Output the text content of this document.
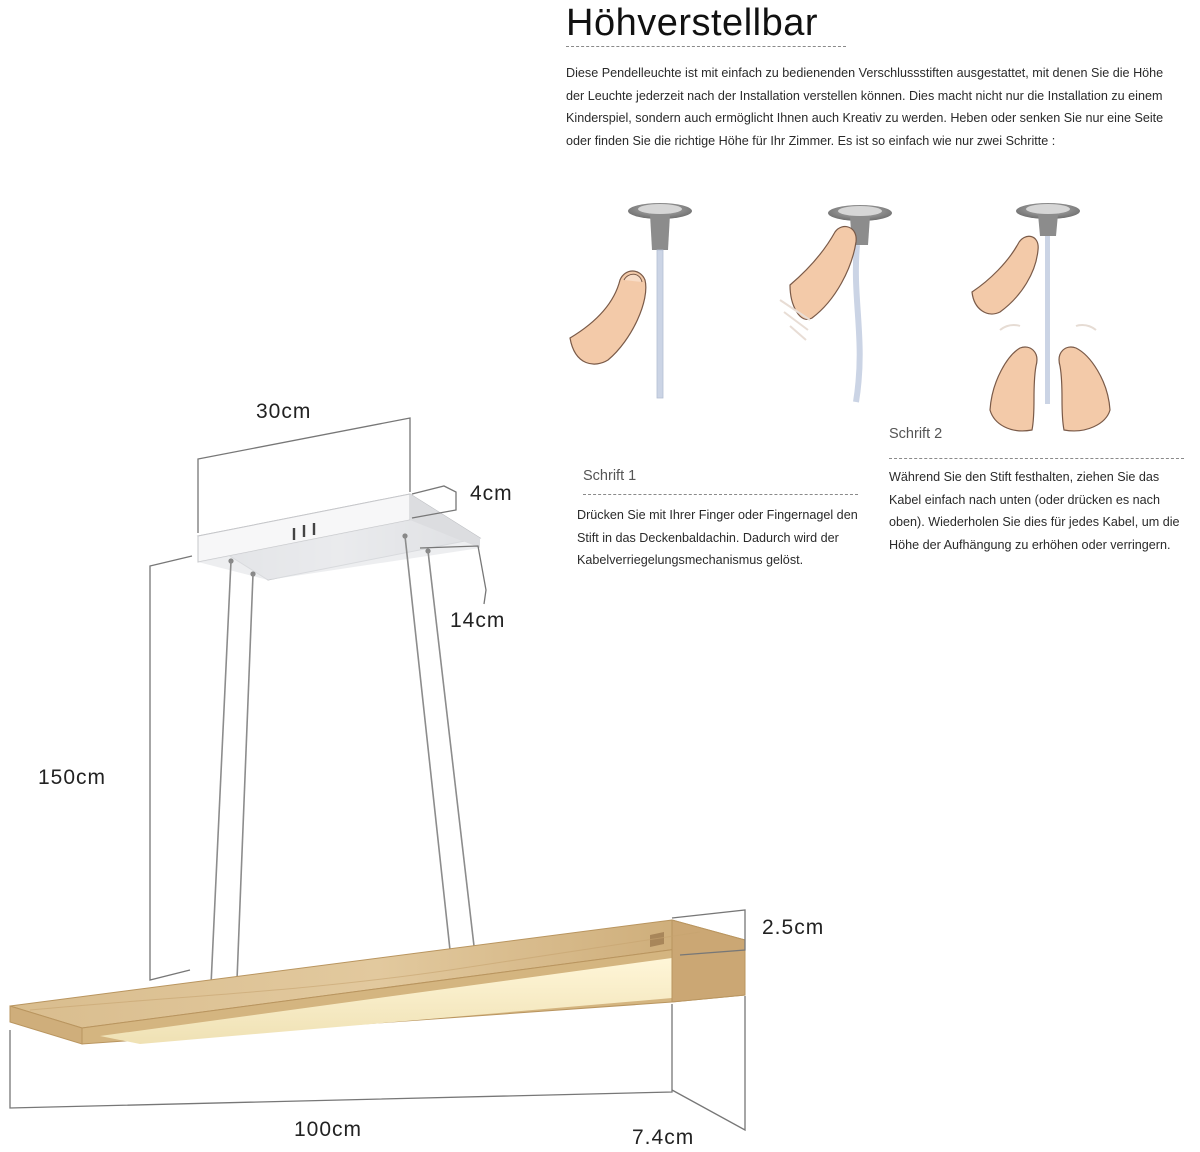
Höhverstellbar
Diese Pendelleuchte ist mit einfach zu bedienenden Verschlussstiften ausgestattet, mit denen Sie die Höhe der Leuchte jederzeit nach der Installation verstellen können. Dies macht nicht nur die Installation zu einem Kinderspiel, sondern auch ermöglicht Ihnen auch Kreativ zu werden. Heben oder senken Sie nur eine Seite oder finden Sie die richtige Höhe für Ihr Zimmer. Es ist so einfach wie nur zwei Schritte :
Schrift 1
Drücken Sie mit Ihrer Finger oder Fingernagel den Stift in das Deckenbaldachin. Dadurch wird der Kabelverriegelungsmechanismus gelöst.
Schrift 2
Während Sie den Stift festhalten, ziehen Sie das Kabel einfach nach unten (oder drücken es nach oben). Wiederholen Sie dies für jedes Kabel, um die Höhe der Aufhängung zu erhöhen oder verringern.
30cm
4cm
14cm
150cm
2.5cm
100cm	7.4cm
